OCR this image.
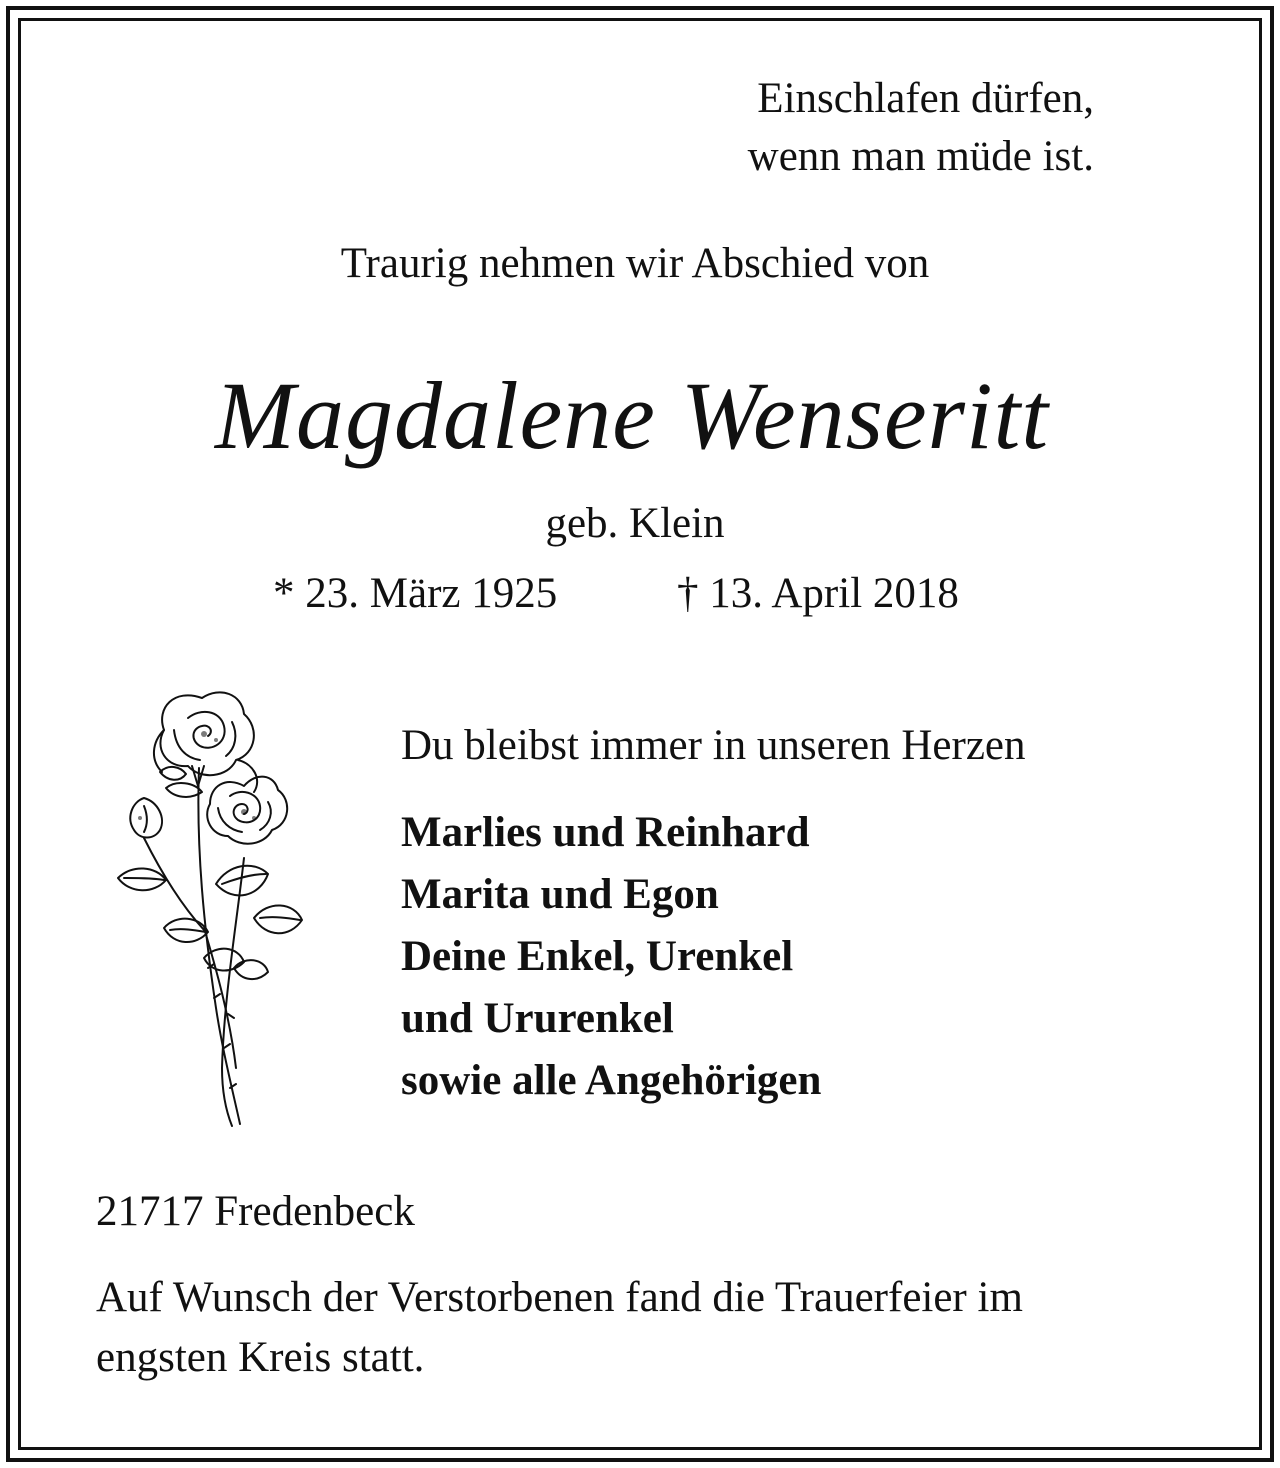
Einschlafen dürfen,
wenn man müde ist.
Traurig nehmen wir Abschied von
Magdalene Wenseritt
geb. Klein
* 23. März 1925	† 13. April 2018
Du bleibst immer in unseren Herzen
Marlies und Reinhard
Marita und Egon
Deine Enkel, Urenkel
und Ururenkel
sowie alle Angehörigen
21717 Fredenbeck
Auf Wunsch der Verstorbenen fand die Trauerfeier im
engsten Kreis statt.
